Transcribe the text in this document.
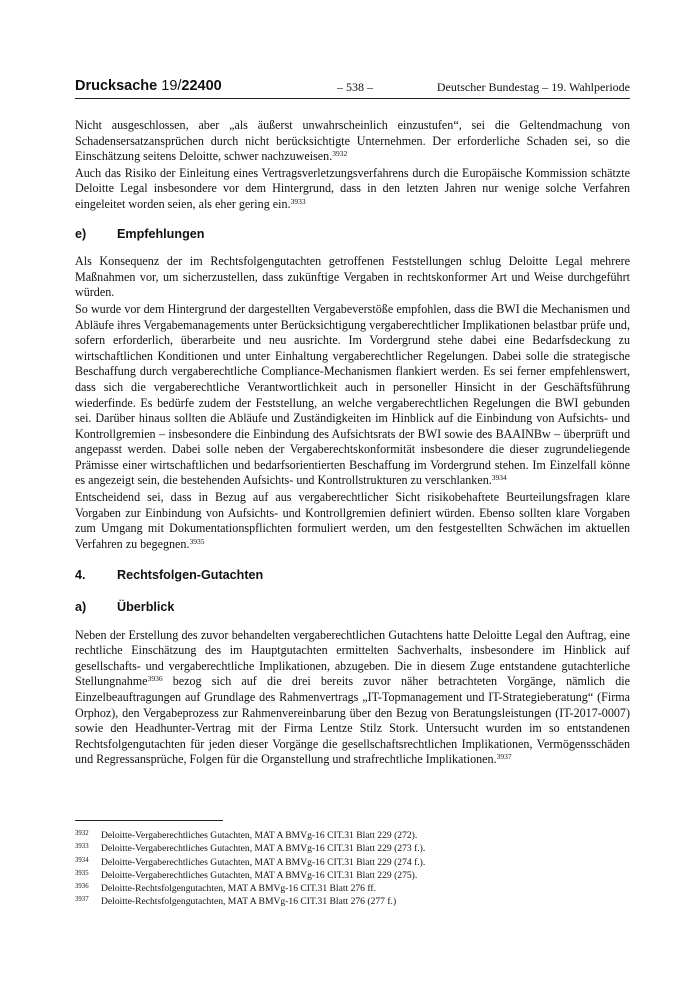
Drucksache 19/22400	– 538 –	Deutscher Bundestag – 19. Wahlperiode

Nicht ausgeschlossen, aber „als äußerst unwahrscheinlich einzustufen“, sei die Geltendmachung von Schadensersatzansprüchen durch nicht berücksichtigte Unternehmen. Der erforderliche Schaden sei, so die Einschätzung seitens Deloitte, schwer nachzuweisen.$^{3932}$

Auch das Risiko der Einleitung eines Vertragsverletzungsverfahrens durch die Europäische Kommission schätzte Deloitte Legal insbesondere vor dem Hintergrund, dass in den letzten Jahren nur wenige solche Verfahren eingeleitet worden seien, als eher gering ein.$^{3933}$

e)	Empfehlungen

Als Konsequenz der im Rechtsfolgengutachten getroffenen Feststellungen schlug Deloitte Legal mehrere Maßnahmen vor, um sicherzustellen, dass zukünftige Vergaben in rechtskonformer Art und Weise durchgeführt würden.

So wurde vor dem Hintergrund der dargestellten Vergabeverstöße empfohlen, dass die BWI die Mechanismen und Abläufe ihres Vergabemanagements unter Berücksichtigung vergaberechtlicher Implikationen belastbar prüfe und, sofern erforderlich, überarbeite und neu ausrichte. Im Vordergrund stehe dabei eine Bedarfsdeckung zu wirtschaftlichen Konditionen und unter Einhaltung vergaberechtlicher Regelungen. Dabei solle die strategische Beschaffung durch vergaberechtliche Compliance-Mechanismen flankiert werden. Es sei ferner empfehlenswert, dass sich die vergaberechtliche Verantwortlichkeit auch in personeller Hinsicht in der Geschäftsführung wiederfinde. Es bedürfe zudem der Feststellung, an welche vergaberechtlichen Regelungen die BWI gebunden sei. Darüber hinaus sollten die Abläufe und Zuständigkeiten im Hinblick auf die Einbindung von Aufsichts- und Kontrollgremien – insbesondere die Einbindung des Aufsichtsrats der BWI sowie des BAAINBw – überprüft und angepasst werden. Dabei solle neben der Vergaberechtskonformität insbesondere die dieser zugrundeliegende Prämisse einer wirtschaftlichen und bedarfsorientierten Beschaffung im Vordergrund stehen. Im Einzelfall könne es angezeigt sein, die bestehenden Aufsichts- und Kontrollstrukturen zu verschlanken.$^{3934}$

Entscheidend sei, dass in Bezug auf aus vergaberechtlicher Sicht risikobehaftete Beurteilungsfragen klare Vorgaben zur Einbindung von Aufsichts- und Kontrollgremien definiert würden. Ebenso sollten klare Vorgaben zum Umgang mit Dokumentationspflichten formuliert werden, um den festgestellten Schwächen im aktuellen Verfahren zu begegnen.$^{3935}$

4.	Rechtsfolgen-Gutachten
a)	Überblick

Neben der Erstellung des zuvor behandelten vergaberechtlichen Gutachtens hatte Deloitte Legal den Auftrag, eine rechtliche Einschätzung des im Hauptgutachten ermittelten Sachverhalts, insbesondere im Hinblick auf gesellschafts- und vergaberechtliche Implikationen, abzugeben. Die in diesem Zuge entstandene gutachterliche Stellungnahme$^{3936}$ bezog sich auf die drei bereits zuvor näher betrachteten Vorgänge, nämlich die Einzelbeauftragungen auf Grundlage des Rahmenvertrags „IT-Topmanagement und IT-Strategieberatung“ (Firma Orphoz), den Vergabeprozess zur Rahmenvereinbarung über den Bezug von Beratungsleistungen (IT-2017-0007) sowie den Headhunter-Vertrag mit der Firma Lentze Stilz Stork. Untersucht wurden im so entstandenen Rechtsfolgengutachten für jeden dieser Vorgänge die gesellschaftsrechtlichen Implikationen, Vermögensschäden und Regressansprüche, Folgen für die Organstellung und strafrechtliche Implikationen.$^{3937}$

3932	Deloitte-Vergaberechtliches Gutachten, MAT A BMVg-16 CIT.31 Blatt 229 (272).
3933	Deloitte-Vergaberechtliches Gutachten, MAT A BMVg-16 CIT.31 Blatt 229 (273 f.).
3934	Deloitte-Vergaberechtliches Gutachten, MAT A BMVg-16 CIT.31 Blatt 229 (274 f.).
3935	Deloitte-Vergaberechtliches Gutachten, MAT A BMVg-16 CIT.31 Blatt 229 (275).
3936	Deloitte-Rechtsfolgengutachten, MAT A BMVg-16 CIT.31 Blatt 276 ff.
3937	Deloitte-Rechtsfolgengutachten, MAT A BMVg-16 CIT.31 Blatt 276 (277 f.)
